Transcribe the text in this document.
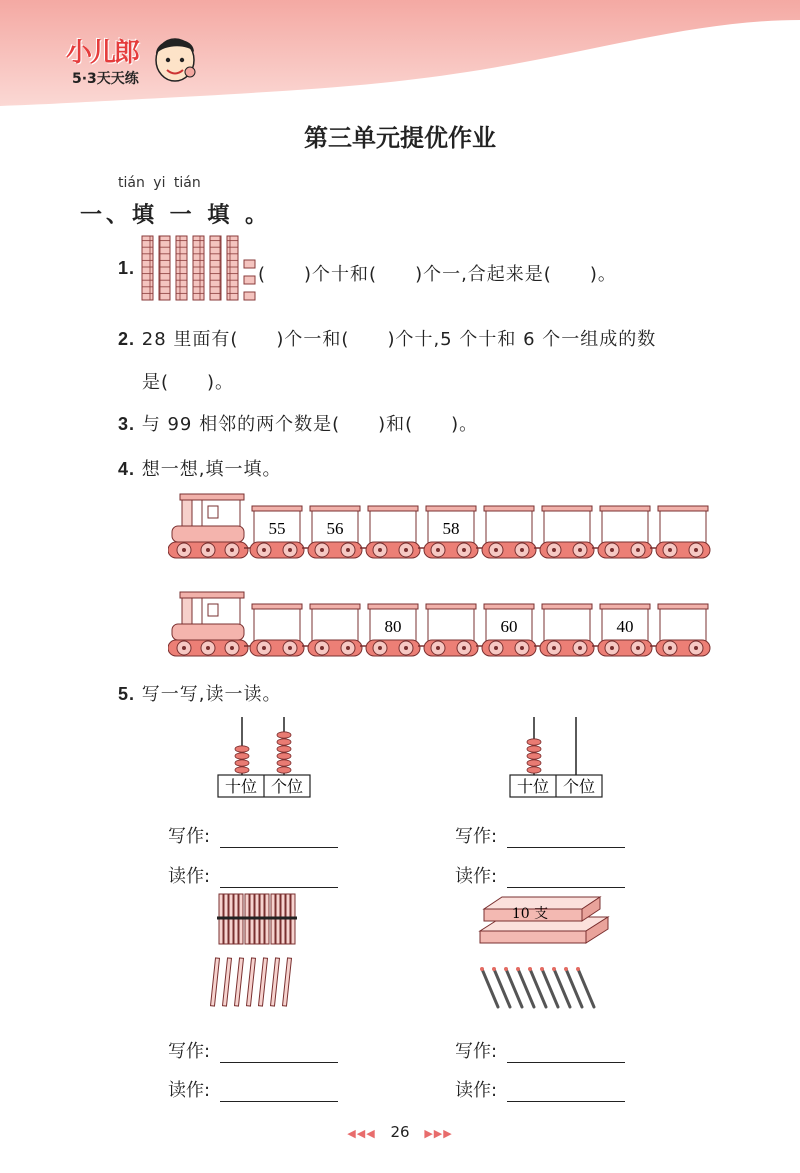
小儿郎
5·3天天练
第三单元提优作业
tián yi tián
一、填 一 填 。
1.	(　　)个十和(　　)个一,合起来是(　　)。
2. 28 里面有(　　)个一和(　　)个十,5 个十和 6 个一组成的数
是(　　)。
3. 与 99 相邻的两个数是(　　)和(　　)。
4. 想一想,填一填。
55 56	58
80	60	40
5. 写一写,读一读。
十位 个位	十位 个位
写作:
读作:
写作:
读作:
10 支
写作:
读作:
写作:
读作:
◀◀◀ 26 ▶▶▶
